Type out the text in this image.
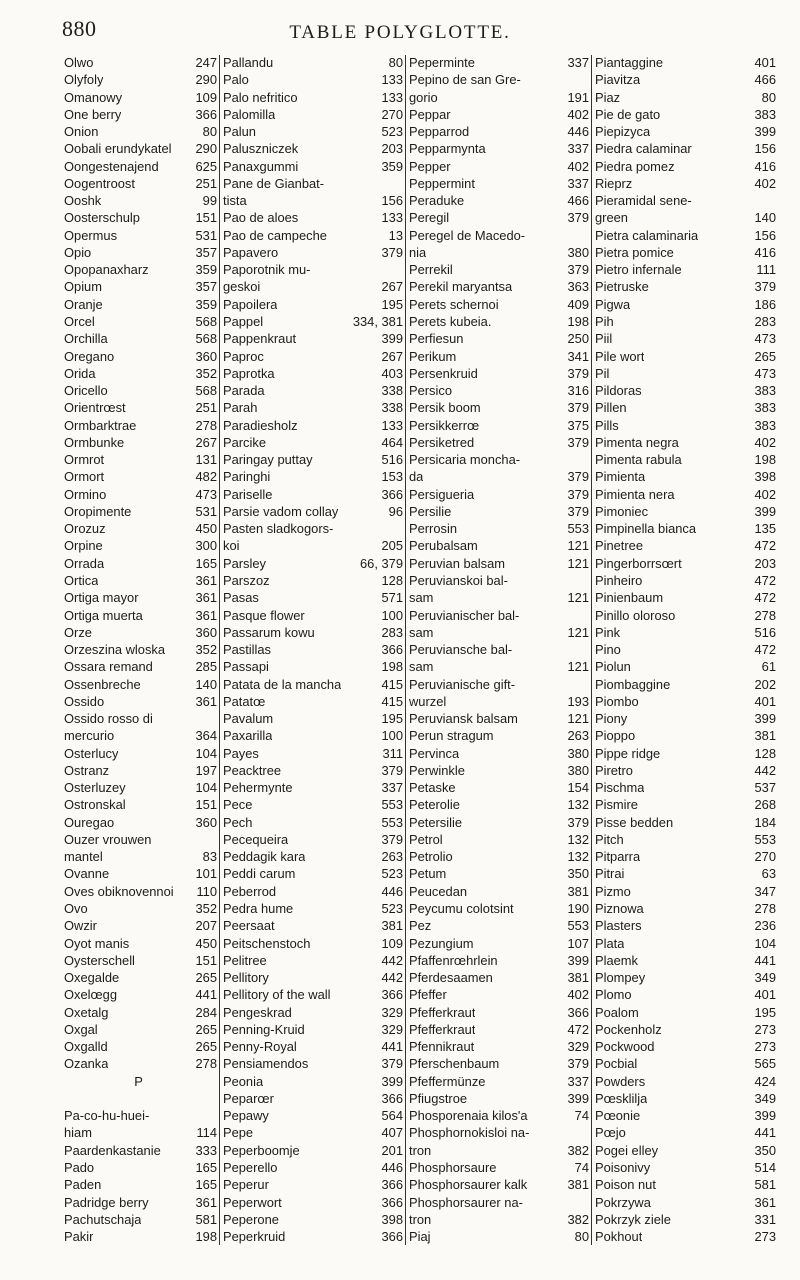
880	TABLE POLYGLOTTE.
Olwo	247
Olyfoly	290
Omanowy	109
One berry	366
Onion	80
Oobali erundykatel 290
Oongestenajend	625
Oogentroost	251
Ooshk	99
Oosterschulp	151
Opermus	531
Opio	357
Opopanaxharz	359
Opium	357
Oranje	359
Orcel	568
Orchilla	568
Oregano	360
Orida	352
Oricello	568
Orientrœst	251
Ormbarktrae	278
Ormbunke	267
Ormrot	131
Ormort	482
Ormino	473
Oropimente	531
Orozuz	450
Orpine	300
Orrada	165
Ortica	361
Ortiga mayor	361
Ortiga muerta	361
Orze	360
Orzeszina wloska 352
Ossara remand	285
Ossenbreche	140
Ossido	361
Ossido rosso di
mercurio	364
Osterlucy	104
Ostranz	197
Osterluzey	104
Ostronskal	151
Ouregao	360
Ouzer vrouwen
mantel	83
Ovanne	101
Oves obiknovennoi 110
Ovo	352
Owzir	207
Oyot manis	450
Oysterschell	151
Oxegalde	265
Oxelœgg	441
Oxetalg	284
Oxgal	265
Oxgalld	265
Ozanka	278
P
Pa-co-hu-huei-
hiam	114
Paardenkastanie	333
Pado	165
Paden	165
Padridge berry	361
Pachutschaja	581
Pakir	198
Pallandu	80
Palo	133
Palo nefritico	133
Palomilla	270
Palun	523
Paluszniczek	203
Panaxgummi	359
Pane de Gianbat-
tista	156
Pao de aloes	133
Pao de campeche	13
Papavero	379
Paporotnik mu-
geskoi	267
Papoilera	195
Pappel	334, 381
Pappenkraut	399
Paproc	267
Paprotka	403
Parada	338
Parah	338
Paradiesholz	133
Parcike	464
Paringay puttay	516
Paringhi	153
Pariselle	366
Parsie vadom collay	96
Pasten sladkogors-
koi	205
Parsley	66, 379
Parszoz	128
Pasas	571
Pasque flower	100
Passarum kowu	283
Pastillas	366
Passapi	198
Patata de la mancha	415
Patatœ	415
Pavalum	195
Paxarilla	100
Payes	311
Peacktree	379
Pehermynte	337
Pece	553
Pech	553
Pecequeira	379
Peddagik kara	263
Peddi carum	523
Peberrod	446
Pedra hume	523
Peersaat	381
Peitschenstoch	109
Pelitree	442
Pellitory	442
Pellitory of the wall	366
Pengeskrad	329
Penning-Kruid	329
Penny-Royal	441
Pensiamendos	379
Peonia	399
Peparœr	366
Pepawy	564
Pepe	407
Peperboomje	201
Peperello	446
Peperur	366
Peperwort	366
Peperone	398
Peperkruid	366
Peperminte	337
Pepino de san Gre-
gorio	191
Peppar	402
Pepparrod	446
Pepparmynta	337
Pepper	402
Peppermint	337
Peraduke	466
Peregil	379
Peregel de Macedo-
nia	380
Perrekil	379
Perekil maryantsa	363
Perets schernoi	409
Perets kubeia.	198
Perfiesun	250
Perikum	341
Persenkruid	379
Persico	316
Persik boom	379
Persikkerrœ	375
Persiketred	379
Persicaria moncha-
da	379
Persigueria	379
Persilie	379
Perrosin	553
Perubalsam	121
Peruvian balsam	121
Peruvianskoi bal-
sam	121
Peruvianischer bal-
sam	121
Peruviansche bal-
sam	121
Peruvianische gift-
wurzel	193
Peruviansk balsam	121
Perun stragum	263
Pervinca	380
Perwinkle	380
Petaske	154
Peterolie	132
Petersilie	379
Petrol	132
Petrolio	132
Petum	350
Peucedan	381
Peycumu colotsint	190
Pez	553
Pezungium	107
Pfaffenrœhrlein	399
Pferdesaamen	381
Pfeffer	402
Pfefferkraut	366
Pfefferkraut	472
Pfennikraut	329
Pferschenbaum	379
Pfeffermünze	337
Pfiugstroe	399
Phosporenaia kilos'a	74
Phosphornokisloi na-
tron	382
Phosphorsaure	74
Phosphorsaurer kalk	381
Phosphorsaurer na-
tron	382
Piaj	80
Piantaggine	401
Piavitza	466
Piaz	80
Pie de gato	383
Piepizyca	399
Piedra calaminar	156
Piedra pomez	416
Rieprz	402
Pieramidal sene-
green	140
Pietra calaminaria	156
Pietra pomice	416
Pietro infernale	111
Pietruske	379
Pigwa	186
Pih	283
Piil	473
Pile wort	265
Pil	473
Pildoras	383
Pillen	383
Pills	383
Pimenta negra	402
Pimenta rabula	198
Pimienta	398
Pimienta nera	402
Pimoniec	399
Pimpinella bianca	135
Pinetree	472
Pingerborrsœrt	203
Pinheiro	472
Pinienbaum	472
Pinillo oloroso	278
Pink	516
Pino	472
Piolun	61
Piombaggine	202
Piombo	401
Piony	399
Pioppo	381
Pippe ridge	128
Piretro	442
Pischma	537
Pismire	268
Pisse bedden	184
Pitch	553
Pitparra	270
Pitrai	63
Pizmo	347
Piznowa	278
Plasters	236
Plata	104
Plaemk	441
Plompey	349
Plomo	401
Poalom	195
Pockenholz	273
Pockwood	273
Pocbial	565
Powders	424
Pœsklilja	349
Pœonie	399
Pœjo	441
Pogei elley	350
Poisonivy	514
Poison nut	581
Pokrzywa	361
Pokrzyk ziele	331
Pokhout	273
